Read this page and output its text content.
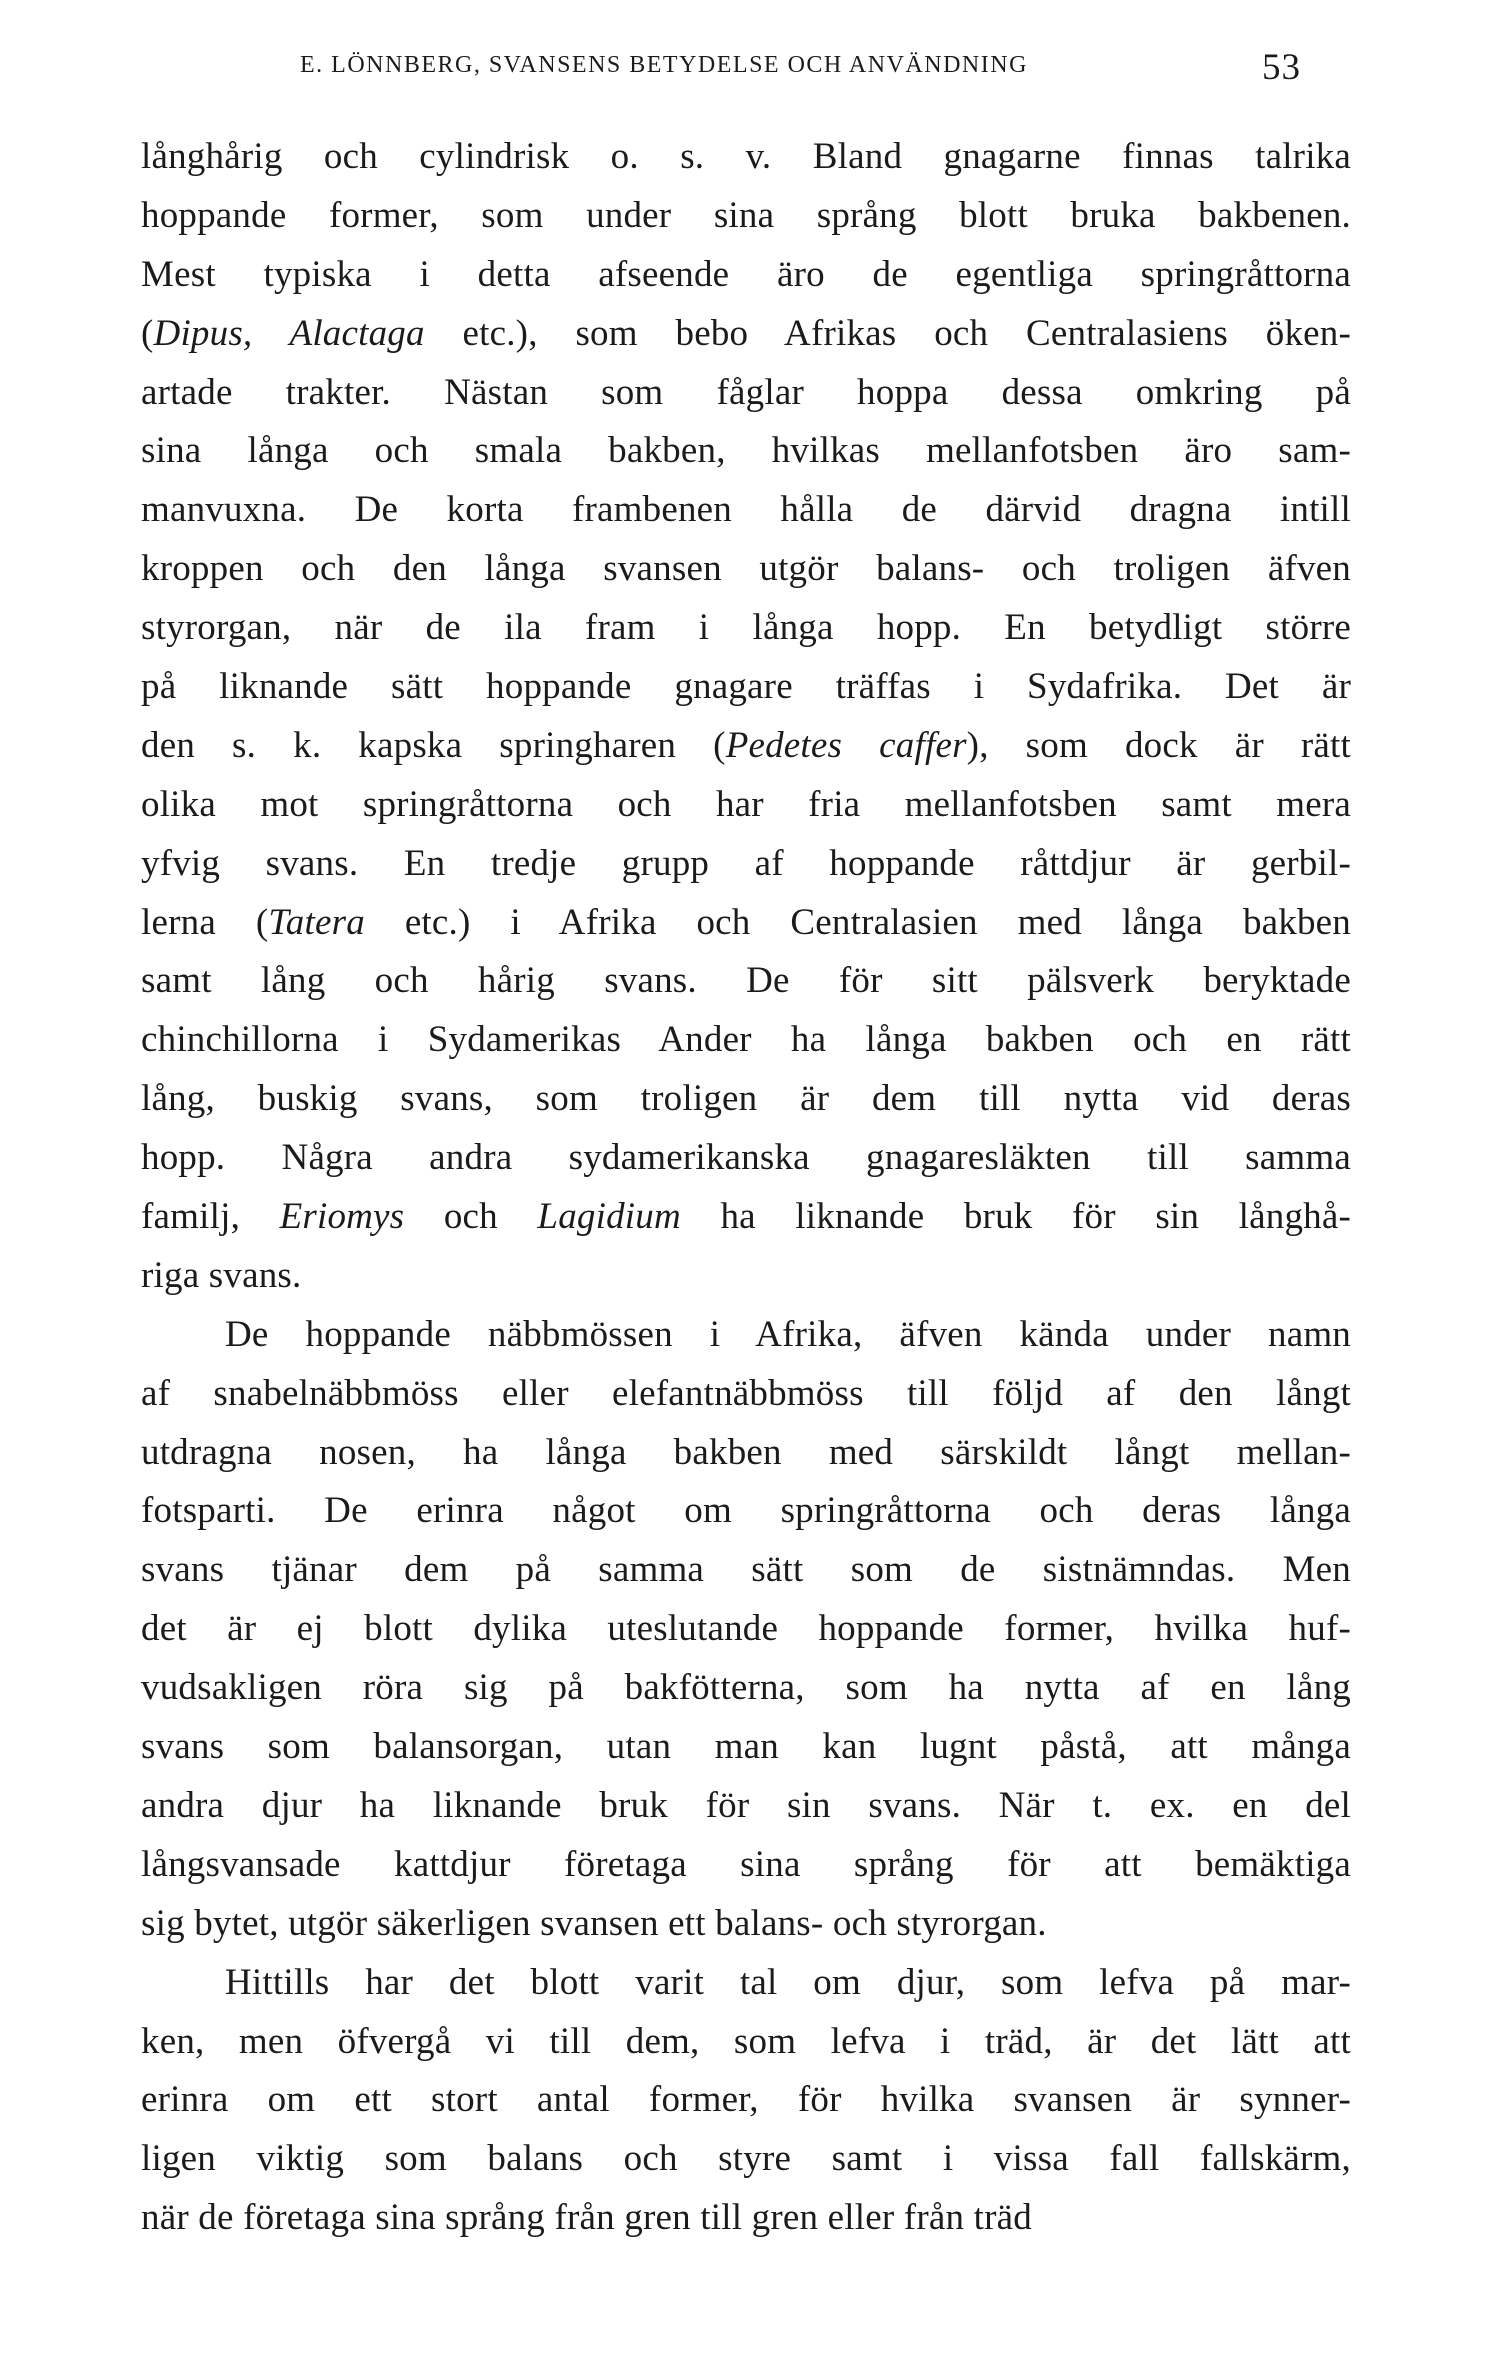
E. LÖNNBERG, SVANSENS BETYDELSE OCH ANVÄNDNING	53
långhårig och cylindrisk o. s. v. Bland gnagarne finnas talrika
hoppande former, som under sina språng blott bruka bakbenen.
Mest typiska i detta afseende äro de egentliga springråttorna
(Dipus, Alactaga etc.), som bebo Afrikas och Centralasiens öken-
artade trakter. Nästan som fåglar hoppa dessa omkring på
sina långa och smala bakben, hvilkas mellanfotsben äro sam-
manvuxna. De korta frambenen hålla de därvid dragna intill
kroppen och den långa svansen utgör balans- och troligen äfven
styrorgan, när de ila fram i långa hopp. En betydligt större
på liknande sätt hoppande gnagare träffas i Sydafrika. Det är
den s. k. kapska springharen (Pedetes caffer), som dock är rätt
olika mot springråttorna och har fria mellanfotsben samt mera
yfvig svans. En tredje grupp af hoppande råttdjur är gerbil-
lerna (Tatera etc.) i Afrika och Centralasien med långa bakben
samt lång och hårig svans. De för sitt pälsverk beryktade
chinchillorna i Sydamerikas Ander ha långa bakben och en rätt
lång, buskig svans, som troligen är dem till nytta vid deras
hopp. Några andra sydamerikanska gnagaresläkten till samma
familj, Eriomys och Lagidium ha liknande bruk för sin långhå-
riga svans.
De hoppande näbbmössen i Afrika, äfven kända under namn
af snabelnäbbmöss eller elefantnäbbmöss till följd af den långt
utdragna nosen, ha långa bakben med särskildt långt mellan-
fotsparti. De erinra något om springråttorna och deras långa
svans tjänar dem på samma sätt som de sistnämndas. Men
det är ej blott dylika uteslutande hoppande former, hvilka huf-
vudsakligen röra sig på bakfötterna, som ha nytta af en lång
svans som balansorgan, utan man kan lugnt påstå, att många
andra djur ha liknande bruk för sin svans. När t. ex. en del
långsvansade kattdjur företaga sina språng för att bemäktiga
sig bytet, utgör säkerligen svansen ett balans- och styrorgan.
Hittills har det blott varit tal om djur, som lefva på mar-
ken, men öfvergå vi till dem, som lefva i träd, är det lätt att
erinra om ett stort antal former, för hvilka svansen är synner-
ligen viktig som balans och styre samt i vissa fall fallskärm,
när de företaga sina språng från gren till gren eller från träd
